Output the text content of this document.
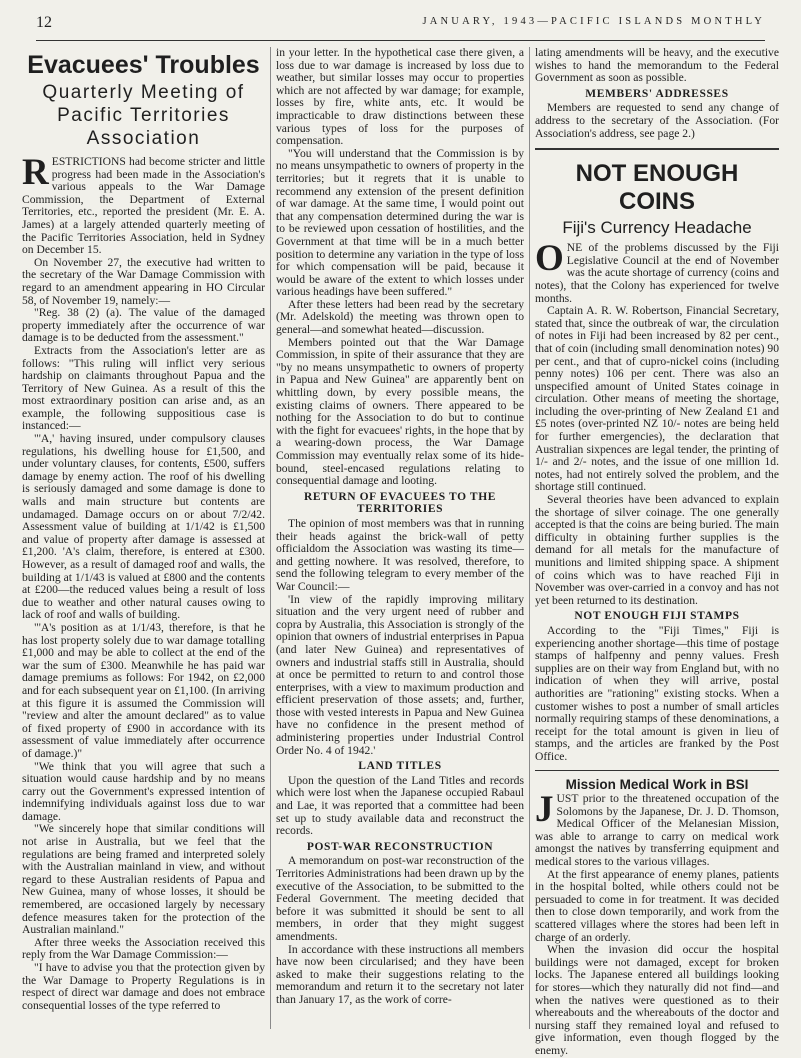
12	JANUARY, 1943—PACIFIC ISLANDS MONTHLY
Evacuees' Troubles
Quarterly Meeting of Pacific Territories Association

RESTRICTIONS had become stricter and little progress had been made in the Association's various appeals to the War Damage Commission, the Department of External Territories, etc., reported the president (Mr. E. A. James) at a largely attended quarterly meeting of the Pacific Territories Association, held in Sydney on December 15.

On November 27, the executive had written to the secretary of the War Damage Commission with regard to an amendment appearing in HO Circular 58, of November 19, namely:—

"Reg. 38 (2) (a). The value of the damaged property immediately after the occurrence of war damage is to be deducted from the assessment."

Extracts from the Association's letter are as follows: "This ruling will inflict very serious hardship on claimants throughout Papua and the Territory of New Guinea. As a result of this the most extraordinary position can arise and, as an example, the following suppositious case is instanced:—

"'A,' having insured, under compulsory clauses regulations, his dwelling house for £1,500, and under voluntary clauses, for contents, £500, suffers damage by enemy action. The roof of his dwelling is seriously damaged and some damage is done to walls and main structure but contents are undamaged. Damage occurs on or about 7/2/42. Assessment value of building at 1/1/42 is £1,500 and value of property after damage is assessed at £1,200. 'A's claim, therefore, is entered at £300. However, as a result of damaged roof and walls, the building at 1/1/43 is valued at £800 and the contents at £200—the reduced values being a result of loss due to weather and other natural causes owing to lack of roof and walls of building.

"'A's position as at 1/1/43, therefore, is that he has lost property solely due to war damage totalling £1,000 and may be able to collect at the end of the war the sum of £300. Meanwhile he has paid war damage premiums as follows: For 1942, on £2,000 and for each subsequent year on £1,100. (In arriving at this figure it is assumed the Commission will "review and alter the amount declared" as to value of fixed property of £900 in accordance with its assessment of value immediately after occurrence of damage.)"

"We think that you will agree that such a situation would cause hardship and by no means carry out the Government's expressed intention of indemnifying individuals against loss due to war damage.

"We sincerely hope that similar conditions will not arise in Australia, but we feel that the regulations are being framed and interpreted solely with the Australian mainland in view, and without regard to these Australian residents of Papua and New Guinea, many of whose losses, it should be remembered, are occasioned largely by necessary defence measures taken for the protection of the Australian mainland."

After three weeks the Association received this reply from the War Damage Commission:—

"I have to advise you that the protection given by the War Damage to Property Regulations is in respect of direct war damage and does not embrace consequential losses of the type referred to

in your letter. In the hypothetical case there given, a loss due to war damage is increased by loss due to weather, but similar losses may occur to properties which are not affected by war damage; for example, losses by fire, white ants, etc. It would be impracticable to draw distinctions between these various types of loss for the purposes of compensation.

"You will understand that the Commission is by no means unsympathetic to owners of property in the territories; but it regrets that it is unable to recommend any extension of the present definition of war damage. At the same time, I would point out that any compensation determined during the war is to be reviewed upon cessation of hostilities, and the Government at that time will be in a much better position to determine any variation in the type of loss for which compensation will be paid, because it would be aware of the extent to which losses under various headings have been suffered."

After these letters had been read by the secretary (Mr. Adelskold) the meeting was thrown open to general—and somewhat heated—discussion.

Members pointed out that the War Damage Commission, in spite of their assurance that they are "by no means unsympathetic to owners of property in Papua and New Guinea" are apparently bent on whittling down, by every possible means, the existing claims of owners. There appeared to be nothing for the Association to do but to continue with the fight for evacuees' rights, in the hope that by a wearing-down process, the War Damage Commission may eventually relax some of its hide-bound, steel-encased regulations relating to consequential damage and looting.

RETURN OF EVACUEES TO THE TERRITORIES

The opinion of most members was that in running their heads against the brick-wall of petty officialdom the Association was wasting its time—and getting nowhere. It was resolved, therefore, to send the following telegram to every member of the War Council:—

'In view of the rapidly improving military situation and the very urgent need of rubber and copra by Australia, this Association is strongly of the opinion that owners of industrial enterprises in Papua (and later New Guinea) and representatives of owners and industrial staffs still in Australia, should at once be permitted to return to and control those enterprises, with a view to maximum production and efficient preservation of those assets; and, further, those with vested interests in Papua and New Guinea have no confidence in the present method of administering properties under Industrial Control Order No. 4 of 1942.'

LAND TITLES

Upon the question of the Land Titles and records which were lost when the Japanese occupied Rabaul and Lae, it was reported that a committee had been set up to study available data and reconstruct the records.

POST-WAR RECONSTRUCTION

A memorandum on post-war reconstruction of the Territories Administrations had been drawn up by the executive of the Association, to be submitted to the Federal Government. The meeting decided that before it was submitted it should be sent to all members, in order that they might suggest amendments.

In accordance with these instructions all members have now been circularised; and they have been asked to make their suggestions relating to the memorandum and return it to the secretary not later than January 17, as the work of corre-

lating amendments will be heavy, and the executive wishes to hand the memorandum to the Federal Government as soon as possible.

MEMBERS' ADDRESSES

Members are requested to send any change of address to the secretary of the Association. (For Association's address, see page 2.)

NOT ENOUGH COINS
Fiji's Currency Headache

ONE of the problems discussed by the Fiji Legislative Council at the end of November was the acute shortage of currency (coins and notes), that the Colony has experienced for twelve months.

Captain A. R. W. Robertson, Financial Secretary, stated that, since the outbreak of war, the circulation of notes in Fiji had been increased by 82 per cent., that of coin (including small denomination notes) 90 per cent., and that of cupro-nickel coins (including penny notes) 106 per cent. There was also an unspecified amount of United States coinage in circulation. Other means of meeting the shortage, including the over-printing of New Zealand £1 and £5 notes (over-printed NZ 10/- notes are being held for further emergencies), the declaration that Australian sixpences are legal tender, the printing of 1/- and 2/- notes, and the issue of one million 1d. notes, had not entirely solved the problem, and the shortage still continued.

Several theories have been advanced to explain the shortage of silver coinage. The one generally accepted is that the coins are being buried. The main difficulty in obtaining further supplies is the demand for all metals for the manufacture of munitions and limited shipping space. A shipment of coins which was to have reached Fiji in November was over-carried in a convoy and has not yet been returned to its destination.

NOT ENOUGH FIJI STAMPS

According to the "Fiji Times," Fiji is experiencing another shortage—this time of postage stamps of halfpenny and penny values. Fresh supplies are on their way from England but, with no indication of when they will arrive, postal authorities are "rationing" existing stocks. When a customer wishes to post a number of small articles normally requiring stamps of these denominations, a receipt for the total amount is given in lieu of stamps, and the articles are franked by the Post Office.

Mission Medical Work in BSI

JUST prior to the threatened occupation of the Solomons by the Japanese, Dr. J. D. Thomson, Medical Officer of the Melanesian Mission, was able to arrange to carry on medical work amongst the natives by transferring equipment and medical stores to the various villages.

At the first appearance of enemy planes, patients in the hospital bolted, while others could not be persuaded to come in for treatment. It was decided then to close down temporarily, and work from the scattered villages where the stores had been left in charge of an orderly.

When the invasion did occur the hospital buildings were not damaged, except for broken locks. The Japanese entered all buildings looking for stores—which they naturally did not find—and when the natives were questioned as to their whereabouts and the whereabouts of the doctor and nursing staff they remained loyal and refused to give information, even though flogged by the enemy.
